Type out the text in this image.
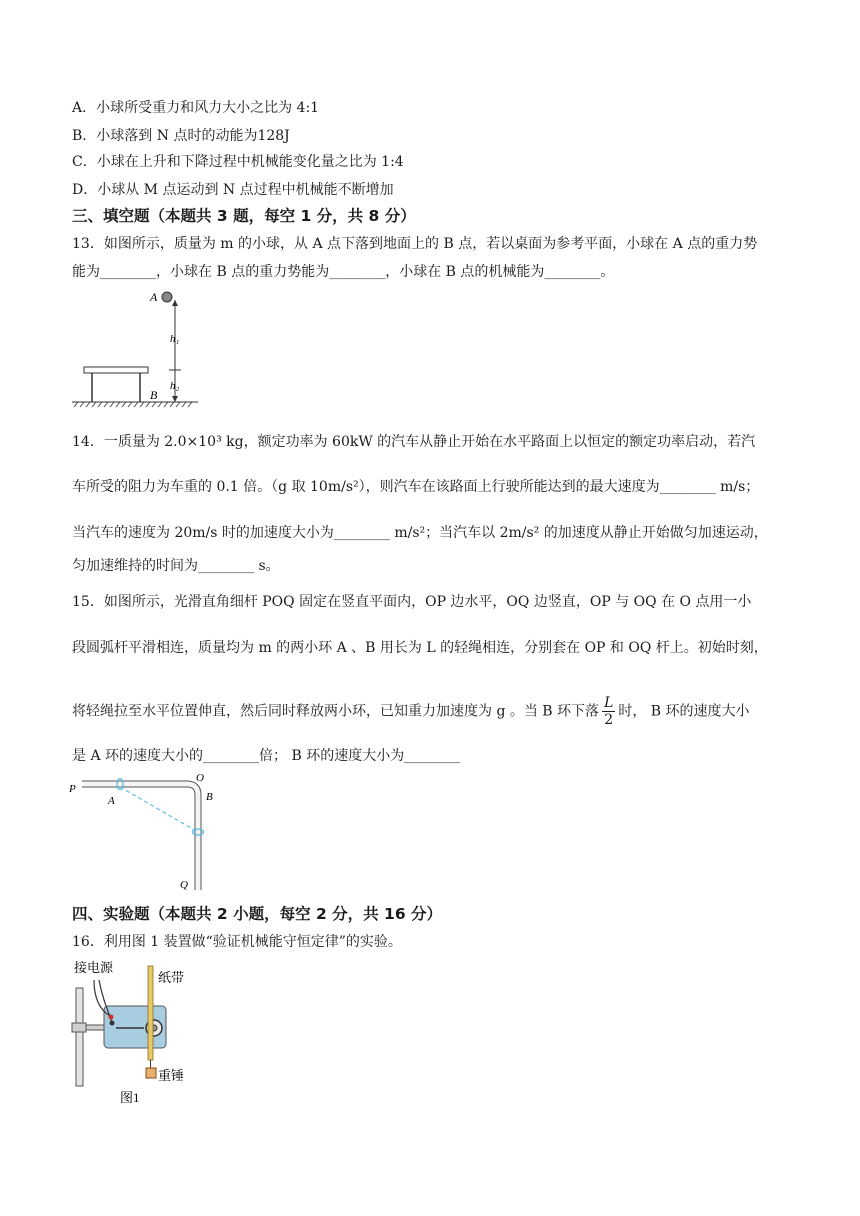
A．小球所受重力和风力大小之比为 4:1
B．小球落到 N 点时的动能为128J
C．小球在上升和下降过程中机械能变化量之比为 1:4
D．小球从 M 点运动到 N 点过程中机械能不断增加
三、填空题（本题共 3 题，每空 1 分，共 8 分）
13．如图所示，质量为 m 的小球，从 A 点下落到地面上的 B 点，若以桌面为参考平面，小球在 A 点的重力势
能为________，小球在 B 点的重力势能为________，小球在 B 点的机械能为________。
A
h₁
h₂
B
14．一质量为 2.0×10³ kg，额定功率为 60kW 的汽车从静止开始在水平路面上以恒定的额定功率启动，若汽
车所受的阻力为车重的 0.1 倍。（g 取 10m/s²），则汽车在该路面上行驶所能达到的最大速度为________ m/s；
当汽车的速度为 20m/s 时的加速度大小为________ m/s²；当汽车以 2m/s² 的加速度从静止开始做匀加速运动，
匀加速维持的时间为________ s。
15．如图所示，光滑直角细杆 POQ 固定在竖直平面内，OP 边水平，OQ 边竖直，OP 与 OQ 在 O 点用一小
段圆弧杆平滑相连，质量均为 m 的两小环 A 、B 用长为 L 的轻绳相连，分别套在 OP 和 OQ 杆上。初始时刻，
将轻绳拉至水平位置伸直，然后同时释放两小环，已知重力加速度为 g 。当 B 环下落 $\frac{L}{2}$ 时， B 环的速度大小
是 A 环的速度大小的________倍； B 环的速度大小为________
P
A
O
B
Q
四、实验题（本题共 2 小题，每空 2 分，共 16 分）
16．利用图 1 装置做“验证机械能守恒定律”的实验。
接电源
纸带
重锤
图1
